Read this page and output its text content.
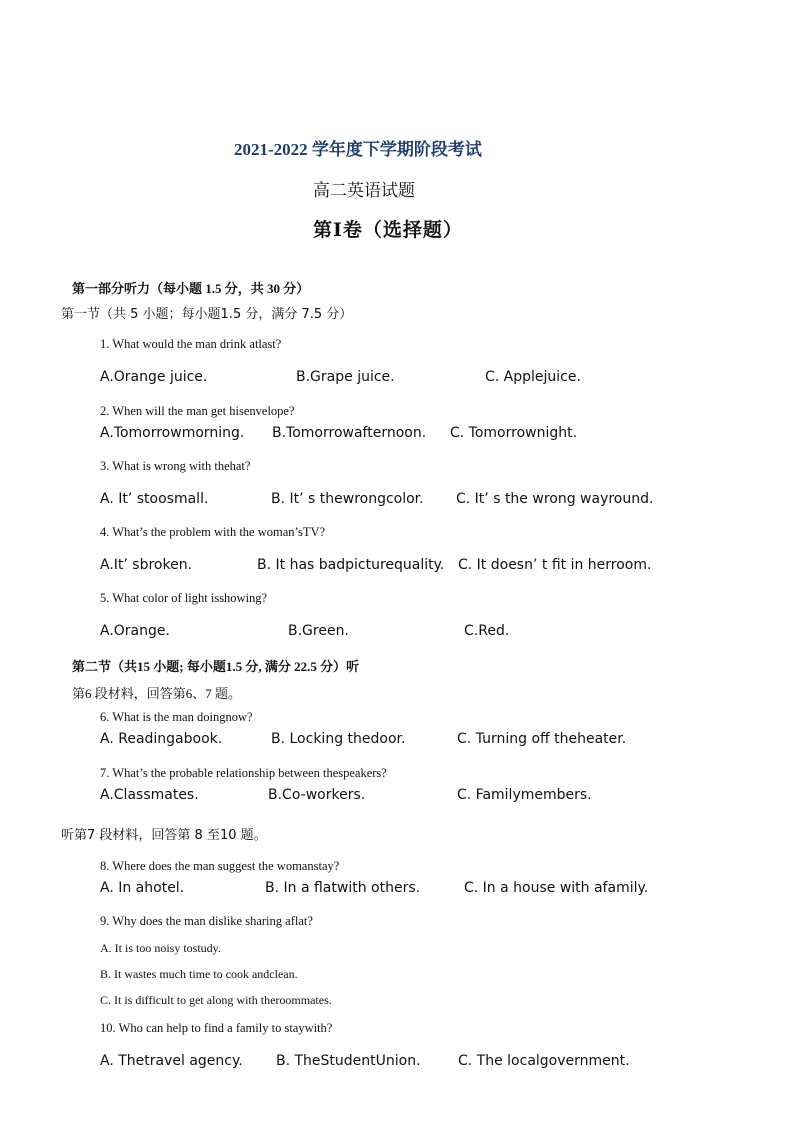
2021-2022 学年度下学期阶段考试
高二英语试题
第Ⅰ卷（选择题）
第一部分听力（每小题 1.5 分，共 30 分）
第一节（共 5 小题；每小题1.5 分，满分 7.5 分）
1. What would the man drink atlast?
A.Orange juice.	B.Grape juice.	C. Applejuice.
2. When will the man get hisenvelope?
A.Tomorrowmorning. B.Tomorrowafternoon. C. Tomorrownight.
3. What is wrong with thehat?
A. It’ stoosmall.	B. It’ s thewrongcolor. C. It’ s the wrong wayround.
4. What’s the problem with the woman’sTV?
A.It’ sbroken.	B. It has badpicturequality. C. It doesn’ t fit in herroom.
5. What color of light isshowing?
A.Orange.	B.Green.	C.Red.
第二节（共15 小题; 每小题1.5 分, 满分 22.5 分）听
第6 段材料，回答第6、7 题。
6. What is the man doingnow?
A. Readingabook.	B. Locking thedoor.	C. Turning off theheater.
7. What’s the probable relationship between thespeakers?
A.Classmates.	B.Co-workers.	C. Familymembers.
听第7 段材料，回答第 8 至10 题。
8. Where does the man suggest the womanstay?
A. In ahotel.	B. In a flatwith others.	C. In a house with afamily.
9. Why does the man dislike sharing aflat?
A. It is too noisy tostudy.
B. It wastes much time to cook andclean.
C. It is difficult to get along with theroommates.
10. Who can help to find a family to staywith?
A. Thetravel agency. B. TheStudentUnion.	C. The localgovernment.
